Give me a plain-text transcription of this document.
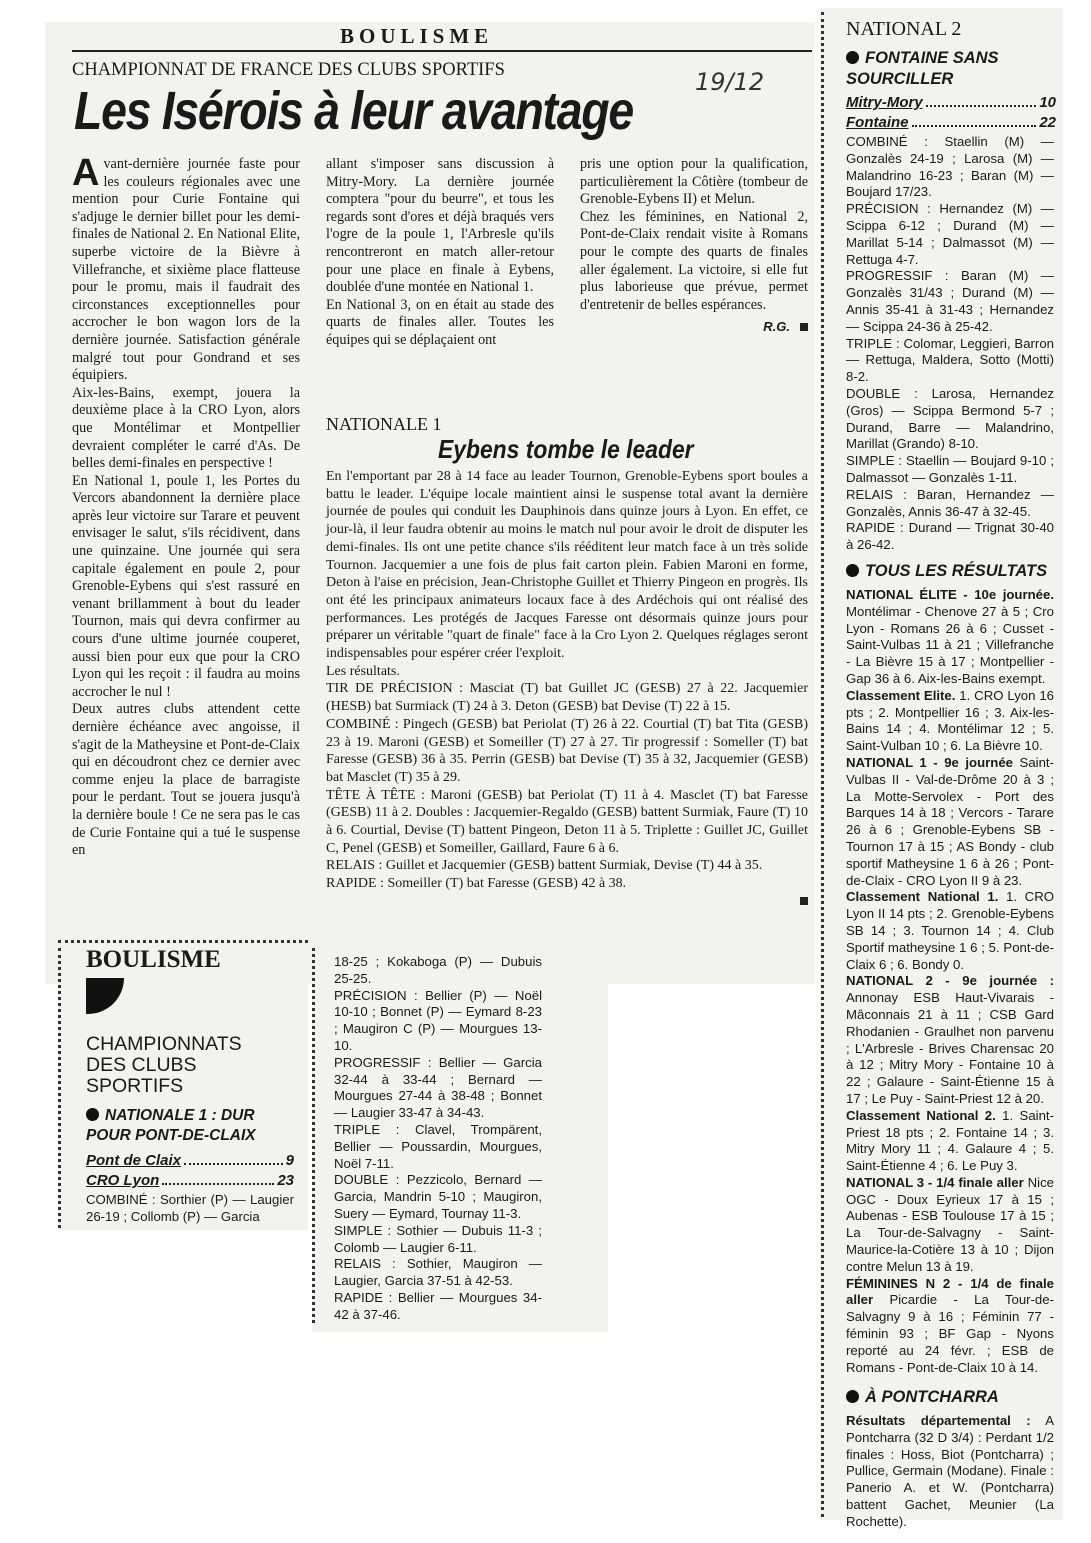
BOULISME
CHAMPIONNAT DE FRANCE DES CLUBS SPORTIFS	19/12
Les Isérois à leur avantage
A vant-dernière journée faste pour les couleurs régionales avec une mention pour Curie Fontaine qui s'adjuge le dernier billet pour les demi-finales de National 2. En National Elite, superbe victoire de la Bièvre à Villefranche, et sixième place flatteuse pour le promu, mais il faudrait des circonstances exceptionnelles pour accrocher le bon wagon lors de la dernière journée. Satisfaction générale malgré tout pour Gondrand et ses équipiers.

Aix-les-Bains, exempt, jouera la deuxième place à la CRO Lyon, alors que Montélimar et Montpellier devraient compléter le carré d'As. De belles demi-finales en perspective !

En National 1, poule 1, les Portes du Vercors abandonnent la dernière place après leur victoire sur Tarare et peuvent envisager le salut, s'ils récidivent, dans une quinzaine. Une journée qui sera capitale également en poule 2, pour Grenoble-Eybens qui s'est rassuré en venant brillamment à bout du leader Tournon, mais qui devra confirmer au cours d'une ultime journée couperet, aussi bien pour eux que pour la CRO Lyon qui les reçoit : il faudra au moins accrocher le nul !

Deux autres clubs attendent cette dernière échéance avec angoisse, il s'agit de la Matheysine et Pont-de-Claix qui en découdront chez ce dernier avec comme enjeu la place de barragiste pour le perdant. Tout se jouera jusqu'à la dernière boule ! Ce ne sera pas le cas de Curie Fontaine qui a tué le suspense en

allant s'imposer sans discussion à Mitry-Mory. La dernière journée comptera "pour du beurre", et tous les regards sont d'ores et déjà braqués vers l'ogre de la poule 1, l'Arbresle qu'ils rencontreront en match aller-retour pour une place en finale à Eybens, doublée d'une montée en National 1.

En National 3, on en était au stade des quarts de finales aller. Toutes les équipes qui se déplaçaient ont

pris une option pour la qualification, particulièrement la Côtière (tombeur de Grenoble-Eybens II) et Melun.

Chez les féminines, en National 2, Pont-de-Claix rendait visite à Romans pour le compte des quarts de finales aller également. La victoire, si elle fut plus laborieuse que prévue, permet d'entretenir de belles espérances.

R.G.
NATIONALE 1
Eybens tombe le leader

En l'emportant par 28 à 14 face au leader Tournon, Grenoble-Eybens sport boules a battu le leader. L'équipe locale maintient ainsi le suspense total avant la dernière journée de poules qui conduit les Dauphinois dans quinze jours à Lyon. En effet, ce jour-là, il leur faudra obtenir au moins le match nul pour avoir le droit de disputer les demi-finales. Ils ont une petite chance s'ils rééditent leur match face à un très solide Tournon. Jacquemier a une fois de plus fait carton plein. Fabien Maroni en forme, Deton à l'aise en précision, Jean-Christophe Guillet et Thierry Pingeon en progrès. Ils ont été les principaux animateurs locaux face à des Ardéchois qui ont réalisé des performances. Les protégés de Jacques Faresse ont désormais quinze jours pour préparer un véritable "quart de finale" face à la Cro Lyon 2. Quelques réglages seront indispensables pour espérer créer l'exploit.

Les résultats.

TIR DE PRÉCISION : Masciat (T) bat Guillet JC (GESB) 27 à 22. Jacquemier (HESB) bat Surmiack (T) 24 à 3. Deton (GESB) bat Devise (T) 22 à 15.

COMBINÉ : Pingech (GESB) bat Periolat (T) 26 à 22. Courtial (T) bat Tita (GESB) 23 à 19. Maroni (GESB) et Someiller (T) 27 à 27. Tir progressif : Someller (T) bat Faresse (GESB) 36 à 35. Perrin (GESB) bat Devise (T) 35 à 32, Jacquemier (GESB) bat Masclet (T) 35 à 29.

TÊTE À TÊTE : Maroni (GESB) bat Periolat (T) 11 à 4. Masclet (T) bat Faresse (GESB) 11 à 2. Doubles : Jacquemier-Regaldo (GESB) battent Surmiak, Faure (T) 10 à 6. Courtial, Devise (T) battent Pingeon, Deton 11 à 5. Triplette : Guillet JC, Guillet C, Penel (GESB) et Someiller, Gaillard, Faure 6 à 6.

RELAIS : Guillet et Jacquemier (GESB) battent Surmiak, Devise (T) 44 à 35.

RAPIDE : Someiller (T) bat Faresse (GESB) 42 à 38.

BOULISME
CHAMPIONNATS DES CLUBS SPORTIFS
NATIONALE 1 : DUR POUR PONT-DE-CLAIX
Pont de Claix	9
CRO Lyon	23

COMBINÉ : Sorthier (P) — Laugier 26-19 ; Collomb (P) — Garcia

18-25 ; Kokaboga (P) — Dubuis 25-25.

PRÉCISION : Bellier (P) — Noël 10-10 ; Bonnet (P) — Eymard 8-23 ; Maugiron C (P) — Mourgues 13-10.

PROGRESSIF : Bellier — Garcia 32-44 à 33-44 ; Bernard — Mourgues 27-44 à 38-48 ; Bonnet — Laugier 33-47 à 34-43.

TRIPLE : Clavel, Trompärent, Bellier — Poussardin, Mourgues, Noël 7-11.

DOUBLE : Pezzicolo, Bernard — Garcia, Mandrin 5-10 ; Maugiron, Suery — Eymard, Tournay 11-3.

SIMPLE : Sothier — Dubuis 11-3 ; Colomb — Laugier 6-11.

RELAIS : Sothier, Maugiron — Laugier, Garcia 37-51 à 42-53.

RAPIDE : Bellier — Mourgues 34-42 à 37-46.

NATIONAL 2
FONTAINE SANS SOURCILLER
Mitry-Mory	10
Fontaine	22

COMBINÉ : Staellin (M) — Gonzalès 24-19 ; Larosa (M) — Malandrino 16-23 ; Baran (M) — Boujard 17/23.

PRÉCISION : Hernandez (M) — Scippa 6-12 ; Durand (M) — Marillat 5-14 ; Dalmassot (M) — Rettuga 4-7.

PROGRESSIF : Baran (M) — Gonzalès 31/43 ; Durand (M) — Annis 35-41 à 31-43 ; Hernandez — Scippa 24-36 à 25-42.

TRIPLE : Colomar, Leggieri, Barron — Rettuga, Maldera, Sotto (Motti) 8-2.

DOUBLE : Larosa, Hernandez (Gros) — Scippa Bermond 5-7 ; Durand, Barre — Malandrino, Marillat (Grando) 8-10.

SIMPLE : Staellin — Boujard 9-10 ; Dalmassot — Gonzalès 1-11.

RELAIS : Baran, Hernandez — Gonzalès, Annis 36-47 à 32-45.

RAPIDE : Durand — Trignat 30-40 à 26-42.

TOUS LES RÉSULTATS

NATIONAL ÉLITE - 10e journée. Montélimar - Chenove 27 à 5 ; Cro Lyon - Romans 26 à 6 ; Cusset - Saint-Vulbas 11 à 21 ; Villefranche - La Bièvre 15 à 17 ; Montpellier - Gap 36 à 6. Aix-les-Bains exempt.

Classement Elite. 1. CRO Lyon 16 pts ; 2. Montpellier 16 ; 3. Aix-les-Bains 14 ; 4. Montélimar 12 ; 5. Saint-Vulban 10 ; 6. La Bièvre 10.

NATIONAL 1 - 9e journée Saint-Vulbas II - Val-de-Drôme 20 à 3 ; La Motte-Servolex - Port des Barques 14 à 18 ; Vercors - Tarare 26 à 6 ; Grenoble-Eybens SB - Tournon 17 à 15 ; AS Bondy - club sportif Matheysine 1 6 à 26 ; Pont-de-Claix - CRO Lyon II 9 à 23.

Classement National 1. 1. CRO Lyon II 14 pts ; 2. Grenoble-Eybens SB 14 ; 3. Tournon 14 ; 4. Club Sportif matheysine 1 6 ; 5. Pont-de-Claix 6 ; 6. Bondy 0.

NATIONAL 2 - 9e journée : Annonay ESB Haut-Vivarais - Mâconnais 21 à 11 ; CSB Gard Rhodanien - Graulhet non parvenu ; L'Arbresle - Brives Charensac 20 à 12 ; Mitry Mory - Fontaine 10 à 22 ; Galaure - Saint-Étienne 15 à 17 ; Le Puy - Saint-Priest 12 à 20.

Classement National 2. 1. Saint-Priest 18 pts ; 2. Fontaine 14 ; 3. Mitry Mory 11 ; 4. Galaure 4 ; 5. Saint-Étienne 4 ; 6. Le Puy 3.

NATIONAL 3 - 1/4 finale aller Nice OGC - Doux Eyrieux 17 à 15 ; Aubenas - ESB Toulouse 17 à 15 ; La Tour-de-Salvagny - Saint-Maurice-la-Cotière 13 à 10 ; Dijon contre Melun 13 à 19.

FÉMININES N 2 - 1/4 de finale aller Picardie - La Tour-de-Salvagny 9 à 16 ; Féminin 77 - féminin 93 ; BF Gap - Nyons reporté au 24 févr. ; ESB de Romans - Pont-de-Claix 10 à 14.

À PONTCHARRA

Résultats départemental : A Pontcharra (32 D 3/4) : Perdant 1/2 finales : Hoss, Biot (Pontcharra) ; Pullice, Germain (Modane). Finale : Panerio A. et W. (Pontcharra) battent Gachet, Meunier (La Rochette).
